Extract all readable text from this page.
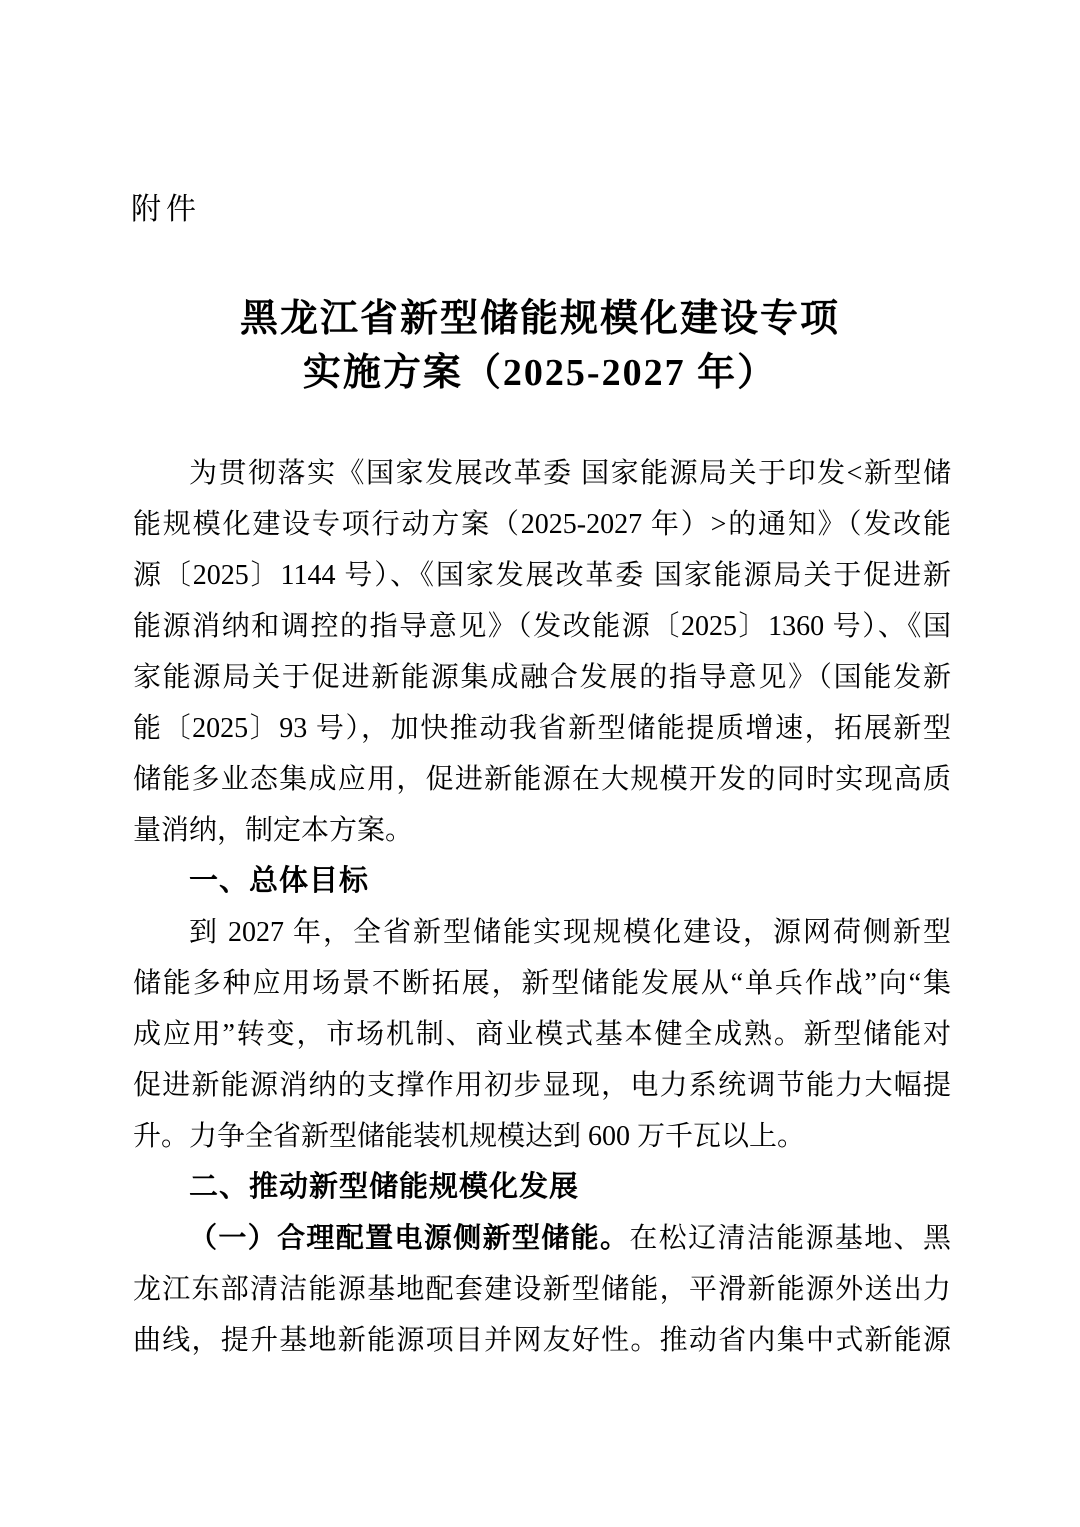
附件
黑龙江省新型储能规模化建设专项
实施方案（2025-2027 年）
为贯彻落实《国家发展改革委 国家能源局关于印发<新型储
能规模化建设专项行动方案（2025-2027 年）>的通知》（发改能
源〔2025〕1144 号）、《国家发展改革委 国家能源局关于促进新
能源消纳和调控的指导意见》（发改能源〔2025〕1360 号）、《国
家能源局关于促进新能源集成融合发展的指导意见》（国能发新
能〔2025〕93 号），加快推动我省新型储能提质增速，拓展新型
储能多业态集成应用，促进新能源在大规模开发的同时实现高质
量消纳，制定本方案。
一、总体目标
到 2027 年，全省新型储能实现规模化建设，源网荷侧新型
储能多种应用场景不断拓展，新型储能发展从“单兵作战”向“集
成应用”转变，市场机制、商业模式基本健全成熟。新型储能对
促进新能源消纳的支撑作用初步显现，电力系统调节能力大幅提
升。力争全省新型储能装机规模达到 600 万千瓦以上。
二、推动新型储能规模化发展
（一）合理配置电源侧新型储能。在松辽清洁能源基地、黑
龙江东部清洁能源基地配套建设新型储能，平滑新能源外送出力
曲线，提升基地新能源项目并网友好性。推动省内集中式新能源
